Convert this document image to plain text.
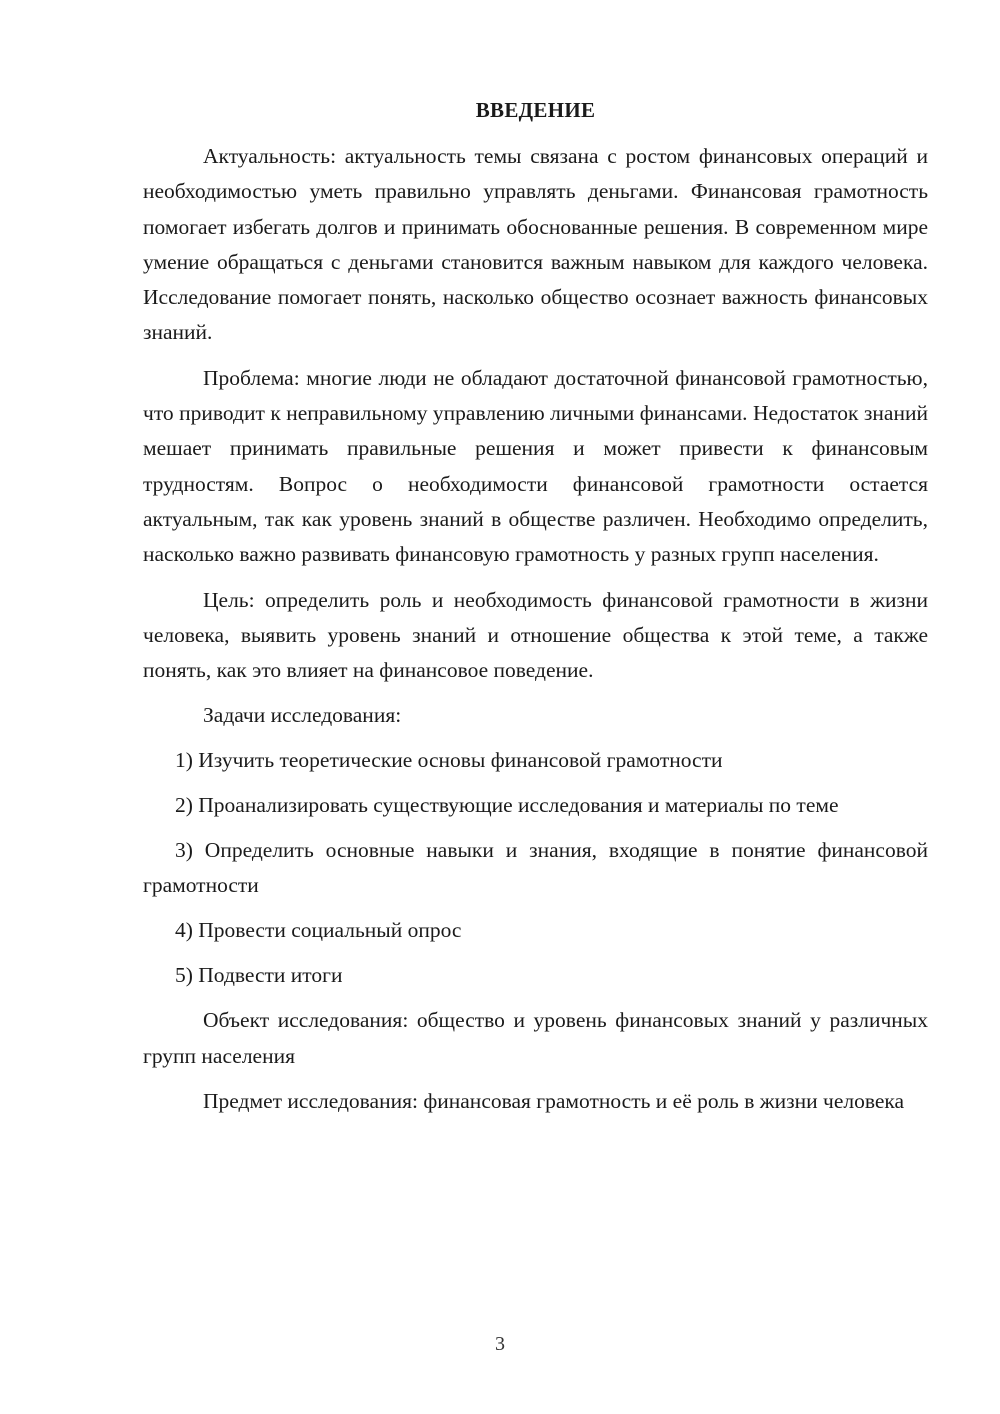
ВВЕДЕНИЕ

Актуальность: актуальность темы связана с ростом финансовых операций и необходимостью уметь правильно управлять деньгами. Финансовая грамотность помогает избегать долгов и принимать обоснованные решения. В современном мире умение обращаться с деньгами становится важным навыком для каждого человека. Исследование помогает понять, насколько общество осознает важность финансовых знаний.

Проблема: многие люди не обладают достаточной финансовой грамотностью, что приводит к неправильному управлению личными финансами. Недостаток знаний мешает принимать правильные решения и может привести к финансовым трудностям. Вопрос о необходимости финансовой грамотности остается актуальным, так как уровень знаний в обществе различен. Необходимо определить, насколько важно развивать финансовую грамотность у разных групп населения.

Цель: определить роль и необходимость финансовой грамотности в жизни человека, выявить уровень знаний и отношение общества к этой теме, а также понять, как это влияет на финансовое поведение.

Задачи исследования:

1) Изучить теоретические основы финансовой грамотности

2) Проанализировать существующие исследования и материалы по теме

3) Определить основные навыки и знания, входящие в понятие финансовой грамотности

4) Провести социальный опрос

5) Подвести итоги

Объект исследования: общество и уровень финансовых знаний у различных групп населения

Предмет исследования: финансовая грамотность и её роль в жизни человека

3
